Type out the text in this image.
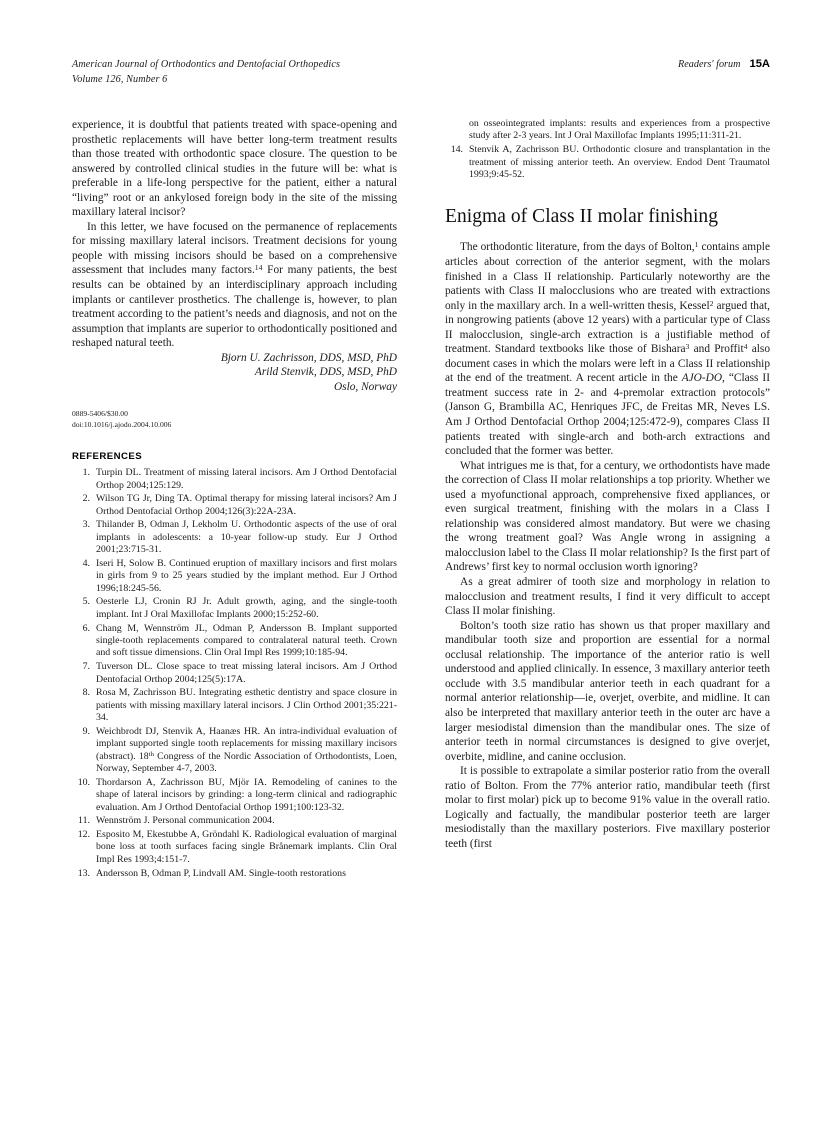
American Journal of Orthodontics and Dentofacial Orthopedics
Volume 126, Number 6
Readers' forum 15A

experience, it is doubtful that patients treated with space-opening and prosthetic replacements will have better long-term treatment results than those treated with orthodontic space closure. The question to be answered by controlled clinical studies in the future will be: what is preferable in a life-long perspective for the patient, either a natural “living” root or an ankylosed foreign body in the site of the missing maxillary lateral incisor?

In this letter, we have focused on the permanence of replacements for missing maxillary lateral incisors. Treatment decisions for young people with missing incisors should be based on a comprehensive assessment that includes many factors.$^{14}$ For many patients, the best results can be obtained by an interdisciplinary approach including implants or cantilever prosthetics. The challenge is, however, to plan treatment according to the patient’s needs and diagnosis, and not on the assumption that implants are superior to orthodontically positioned and reshaped natural teeth.

Bjorn U. Zachrisson, DDS, MSD, PhD
Arild Stenvik, DDS, MSD, PhD
Oslo, Norway
0889-5406/$30.00
doi:10.1016/j.ajodo.2004.10.006
REFERENCES
1. Turpin DL. Treatment of missing lateral incisors. Am J Orthod Dentofacial Orthop 2004;125:129.
2. Wilson TG Jr, Ding TA. Optimal therapy for missing lateral incisors? Am J Orthod Dentofacial Orthop 2004;126(3):22A-23A.
3. Thilander B, Odman J, Lekholm U. Orthodontic aspects of the use of oral implants in adolescents: a 10-year follow-up study. Eur J Orthod 2001;23:715-31.
4. Iseri H, Solow B. Continued eruption of maxillary incisors and first molars in girls from 9 to 25 years studied by the implant method. Eur J Orthod 1996;18:245-56.
5. Oesterle LJ, Cronin RJ Jr. Adult growth, aging, and the single-tooth implant. Int J Oral Maxillofac Implants 2000;15:252-60.
6. Chang M, Wennström JL, Odman P, Andersson B. Implant supported single-tooth replacements compared to contralateral natural teeth. Crown and soft tissue dimensions. Clin Oral Impl Res 1999;10:185-94.
7. Tuverson DL. Close space to treat missing lateral incisors. Am J Orthod Dentofacial Orthop 2004;125(5):17A.
8. Rosa M, Zachrisson BU. Integrating esthetic dentistry and space closure in patients with missing maxillary lateral incisors. J Clin Orthod 2001;35:221-34.
9. Weichbrodt DJ, Stenvik A, Haanæs HR. An intra-individual evaluation of implant supported single tooth replacements for missing maxillary incisors (abstract). 18th Congress of the Nordic Association of Orthodontists, Loen, Norway, September 4-7, 2003.
10. Thordarson A, Zachrisson BU, Mjör IA. Remodeling of canines to the shape of lateral incisors by grinding: a long-term clinical and radiographic evaluation. Am J Orthod Dentofacial Orthop 1991;100:123-32.
11. Wennström J. Personal communication 2004.
12. Esposito M, Ekestubbe A, Gröndahl K. Radiological evaluation of marginal bone loss at tooth surfaces facing single Brånemark implants. Clin Oral Impl Res 1993;4:151-7.
13. Andersson B, Odman P, Lindvall AM. Single-tooth restorations
on osseointegrated implants: results and experiences from a prospective study after 2-3 years. Int J Oral Maxillofac Implants 1995;11:311-21.
14. Stenvik A, Zachrisson BU. Orthodontic closure and transplantation in the treatment of missing anterior teeth. An overview. Endod Dent Traumatol 1993;9:45-52.
Enigma of Class II molar finishing

The orthodontic literature, from the days of Bolton,$^1$ contains ample articles about correction of the anterior segment, with the molars finished in a Class II relationship. Particularly noteworthy are the patients with Class II malocclusions who are treated with extractions only in the maxillary arch. In a well-written thesis, Kessel$^2$ argued that, in nongrowing patients (above 12 years) with a particular type of Class II malocclusion, single-arch extraction is a justifiable method of treatment. Standard textbooks like those of Bishara$^3$ and Proffit$^4$ also document cases in which the molars were left in a Class II relationship at the end of the treatment. A recent article in the AJO-DO, “Class II treatment success rate in 2- and 4-premolar extraction protocols” (Janson G, Brambilla AC, Henriques JFC, de Freitas MR, Neves LS. Am J Orthod Dentofacial Orthop 2004;125:472-9), compares Class II patients treated with single-arch and both-arch extractions and concluded that the former was better.

What intrigues me is that, for a century, we orthodontists have made the correction of Class II molar relationships a top priority. Whether we used a myofunctional approach, comprehensive fixed appliances, or even surgical treatment, finishing with the molars in a Class I relationship was considered almost mandatory. But were we chasing the wrong treatment goal? Was Angle wrong in assigning a malocclusion label to the Class II molar relationship? Is the first part of Andrews’ first key to normal occlusion worth ignoring?

As a great admirer of tooth size and morphology in relation to malocclusion and treatment results, I find it very difficult to accept Class II molar finishing.

Bolton’s tooth size ratio has shown us that proper maxillary and mandibular tooth size and proportion are essential for a normal occlusal relationship. The importance of the anterior ratio is well understood and applied clinically. In essence, 3 maxillary anterior teeth occlude with 3.5 mandibular anterior teeth in each quadrant for a normal anterior relationship—ie, overjet, overbite, and midline. It can also be interpreted that maxillary anterior teeth in the outer arc have a larger mesiodistal dimension than the mandibular ones. The size of anterior teeth in normal circumstances is designed to give overjet, overbite, midline, and canine occlusion.

It is possible to extrapolate a similar posterior ratio from the overall ratio of Bolton. From the 77% anterior ratio, mandibular teeth (first molar to first molar) pick up to become 91% value in the overall ratio. Logically and factually, the mandibular posterior teeth are larger mesiodistally than the maxillary posteriors. Five maxillary posterior teeth (first
